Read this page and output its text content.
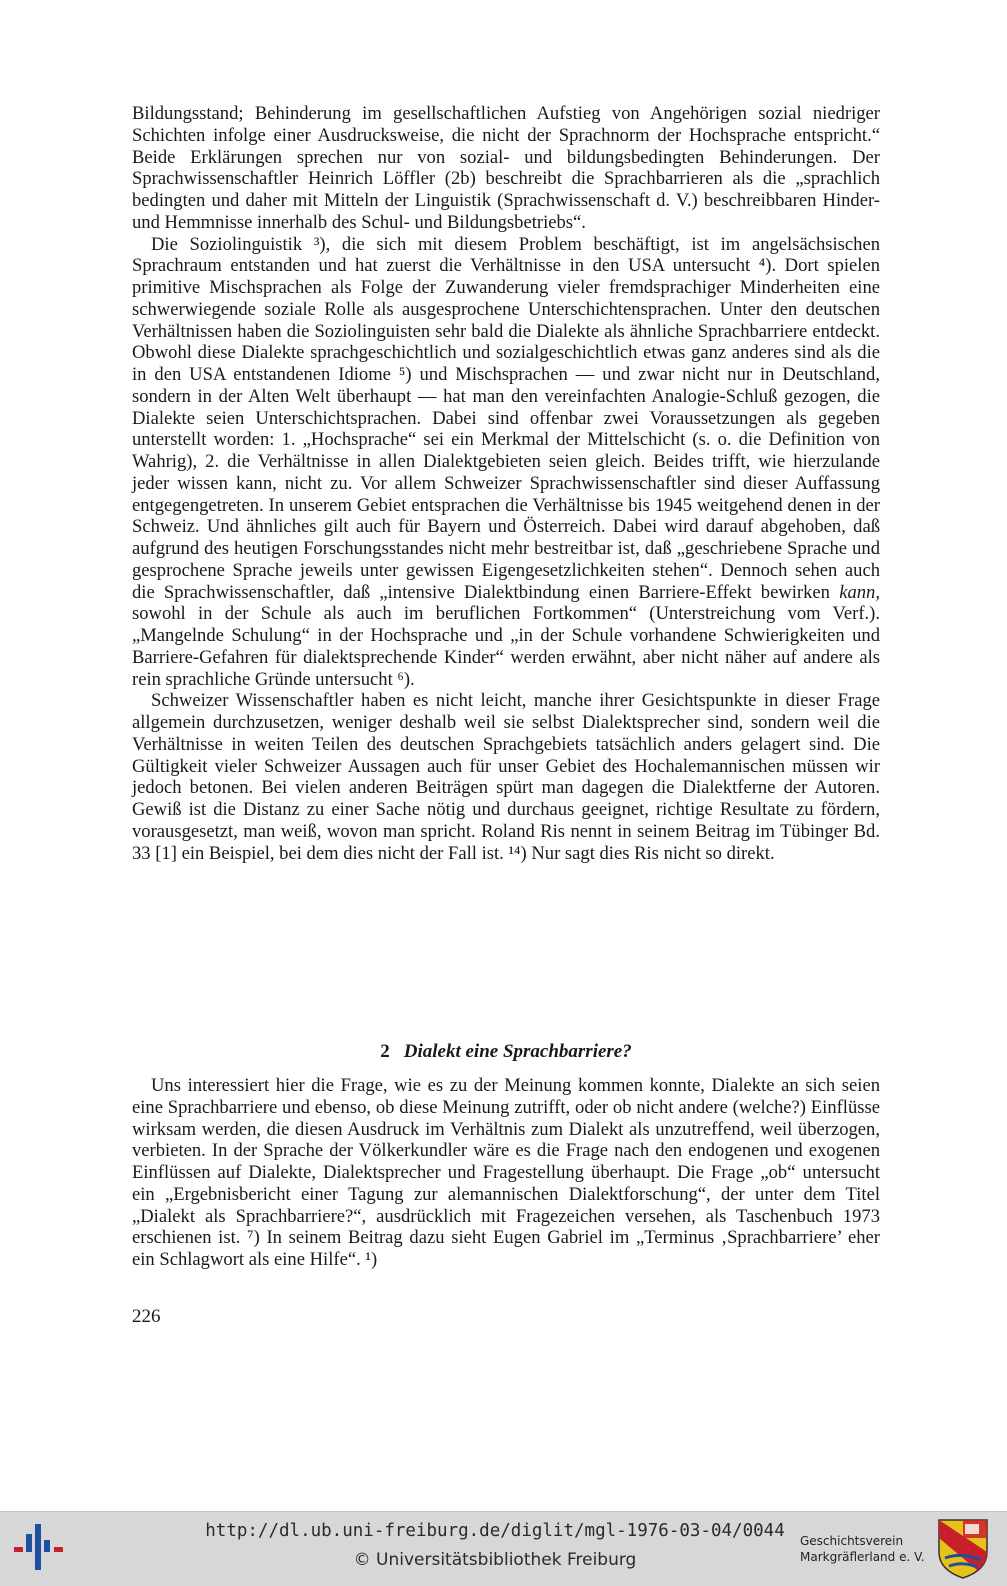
Bildungsstand; Behinderung im gesellschaftlichen Aufstieg von Angehörigen sozial niedriger Schichten infolge einer Ausdrucksweise, die nicht der Sprachnorm der Hochsprache entspricht.“ Beide Erklärungen sprechen nur von sozial- und bildungsbedingten Behinderungen. Der Sprachwissenschaftler Heinrich Löffler (2b) beschreibt die Sprachbarrieren als die „sprachlich bedingten und daher mit Mitteln der Linguistik (Sprachwissenschaft d. V.) beschreibbaren Hinder- und Hemmnisse innerhalb des Schul- und Bildungsbetriebs“.

Die Soziolinguistik ³), die sich mit diesem Problem beschäftigt, ist im angelsächsischen Sprachraum entstanden und hat zuerst die Verhältnisse in den USA untersucht ⁴). Dort spielen primitive Mischsprachen als Folge der Zuwanderung vieler fremdsprachiger Minderheiten eine schwerwiegende soziale Rolle als ausgesprochene Unterschichtensprachen. Unter den deutschen Verhältnissen haben die Soziolinguisten sehr bald die Dialekte als ähnliche Sprachbarriere entdeckt. Obwohl diese Dialekte sprachgeschichtlich und sozialgeschichtlich etwas ganz anderes sind als die in den USA entstandenen Idiome ⁵) und Mischsprachen — und zwar nicht nur in Deutschland, sondern in der Alten Welt überhaupt — hat man den vereinfachten Analogie-Schluß gezogen, die Dialekte seien Unterschichtsprachen. Dabei sind offenbar zwei Voraussetzungen als gegeben unterstellt worden: 1. „Hochsprache“ sei ein Merkmal der Mittelschicht (s. o. die Definition von Wahrig), 2. die Verhältnisse in allen Dialektgebieten seien gleich. Beides trifft, wie hierzulande jeder wissen kann, nicht zu. Vor allem Schweizer Sprachwissenschaftler sind dieser Auffassung entgegengetreten. In unserem Gebiet entsprachen die Verhältnisse bis 1945 weitgehend denen in der Schweiz. Und ähnliches gilt auch für Bayern und Österreich. Dabei wird darauf abgehoben, daß aufgrund des heutigen Forschungsstandes nicht mehr bestreitbar ist, daß „geschriebene Sprache und gesprochene Sprache jeweils unter gewissen Eigengesetzlichkeiten stehen“. Dennoch sehen auch die Sprachwissenschaftler, daß „intensive Dialektbindung einen Barriere-Effekt bewirken kann, sowohl in der Schule als auch im beruflichen Fortkommen“ (Unterstreichung vom Verf.). „Mangelnde Schulung“ in der Hochsprache und „in der Schule vorhandene Schwierigkeiten und Barriere-Gefahren für dialektsprechende Kinder“ werden erwähnt, aber nicht näher auf andere als rein sprachliche Gründe untersucht ⁶).

Schweizer Wissenschaftler haben es nicht leicht, manche ihrer Gesichtspunkte in dieser Frage allgemein durchzusetzen, weniger deshalb weil sie selbst Dialektsprecher sind, sondern weil die Verhältnisse in weiten Teilen des deutschen Sprachgebiets tatsächlich anders gelagert sind. Die Gültigkeit vieler Schweizer Aussagen auch für unser Gebiet des Hochalemannischen müssen wir jedoch betonen. Bei vielen anderen Beiträgen spürt man dagegen die Dialektferne der Autoren. Gewiß ist die Distanz zu einer Sache nötig und durchaus geeignet, richtige Resultate zu fördern, vorausgesetzt, man weiß, wovon man spricht. Roland Ris nennt in seinem Beitrag im Tübinger Bd. 33 [1] ein Beispiel, bei dem dies nicht der Fall ist. ¹⁴) Nur sagt dies Ris nicht so direkt.

2 Dialekt eine Sprachbarriere?

Uns interessiert hier die Frage, wie es zu der Meinung kommen konnte, Dialekte an sich seien eine Sprachbarriere und ebenso, ob diese Meinung zutrifft, oder ob nicht andere (welche?) Einflüsse wirksam werden, die diesen Ausdruck im Verhältnis zum Dialekt als unzutreffend, weil überzogen, verbieten. In der Sprache der Völkerkundler wäre es die Frage nach den endogenen und exogenen Einflüssen auf Dialekte, Dialektsprecher und Fragestellung überhaupt. Die Frage „ob“ untersucht ein „Ergebnisbericht einer Tagung zur alemannischen Dialektforschung“, der unter dem Titel „Dialekt als Sprachbarriere?“, ausdrücklich mit Fragezeichen versehen, als Taschenbuch 1973 erschienen ist. ⁷) In seinem Beitrag dazu sieht Eugen Gabriel im „Terminus ‚Sprachbarriere’ eher ein Schlagwort als eine Hilfe“. ¹)

226

http://dl.ub.uni-freiburg.de/diglit/mgl-1976-03-04/0044
© Universitätsbibliothek Freiburg
Geschichtsverein
Markgräflerland e. V.
